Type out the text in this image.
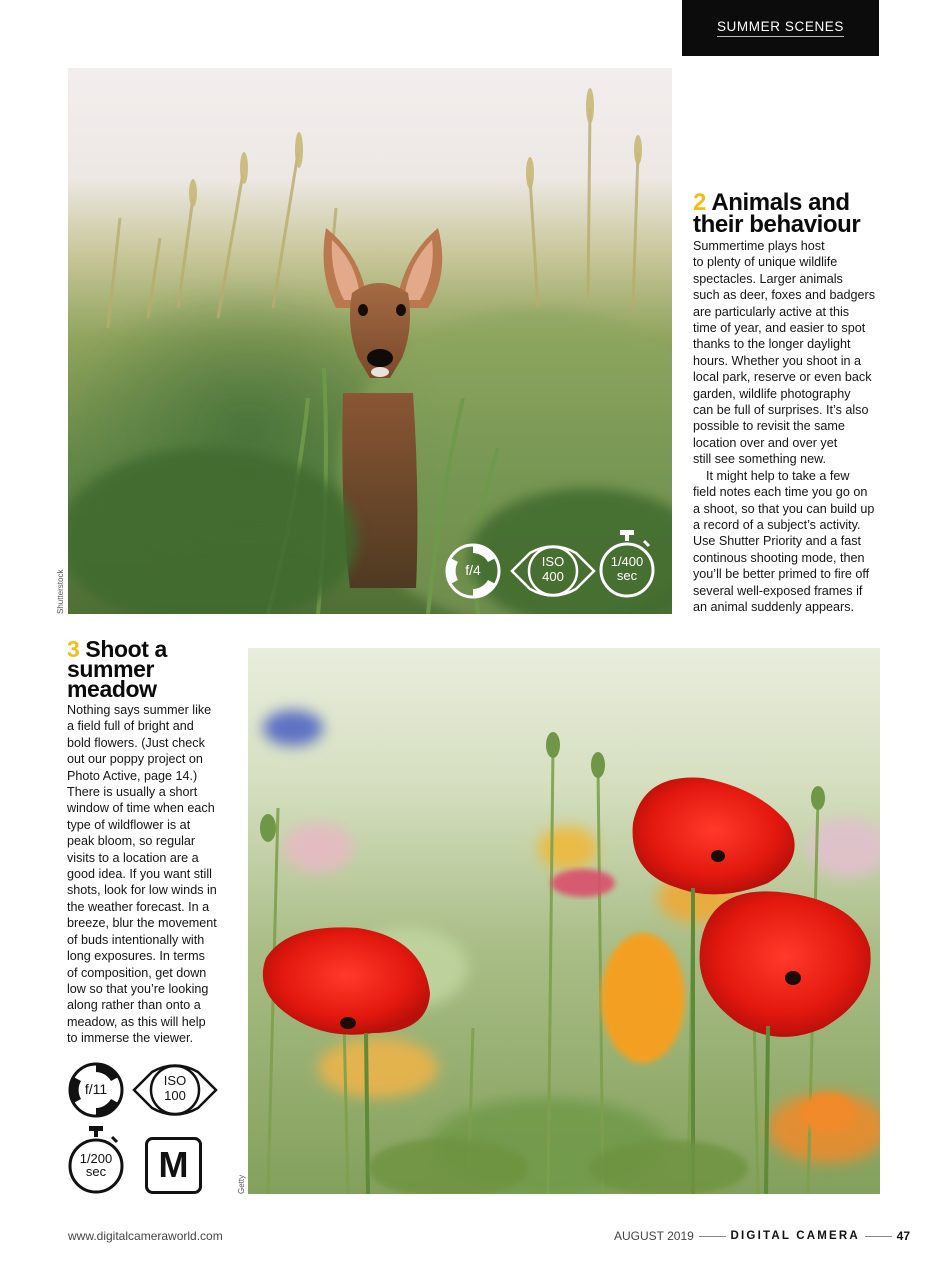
SUMMER SCENES
f/4
ISO
400
1/400
sec
Shutterstock
2 Animals and
their behaviour

Summertime plays host
to plenty of unique wildlife
spectacles. Larger animals
such as deer, foxes and badgers
are particularly active at this
time of year, and easier to spot
thanks to the longer daylight
hours. Whether you shoot in a
local park, reserve or even back
garden, wildlife photography
can be full of surprises. It’s also
possible to revisit the same
location over and over yet
still see something new.

It might help to take a few
field notes each time you go on
a shoot, so that you can build up
a record of a subject’s activity.
Use Shutter Priority and a fast
continous shooting mode, then
you’ll be better primed to fire off
several well-exposed frames if
an animal suddenly appears.

3 Shoot a
summer
meadow

Nothing says summer like
a field full of bright and
bold flowers. (Just check
out our poppy project on
Photo Active, page 14.)
There is usually a short
window of time when each
type of wildflower is at
peak bloom, so regular
visits to a location are a
good idea. If you want still
shots, look for low winds in
the weather forecast. In a
breeze, blur the movement
of buds intentionally with
long exposures. In terms
of composition, get down
low so that you’re looking
along rather than onto a
meadow, as this will help
to immerse the viewer.

f/11
ISO
100
1/200
sec	M	Getty
www.digitalcameraworld.com	AUGUST 2019	DIGITAL CAMERA	47
